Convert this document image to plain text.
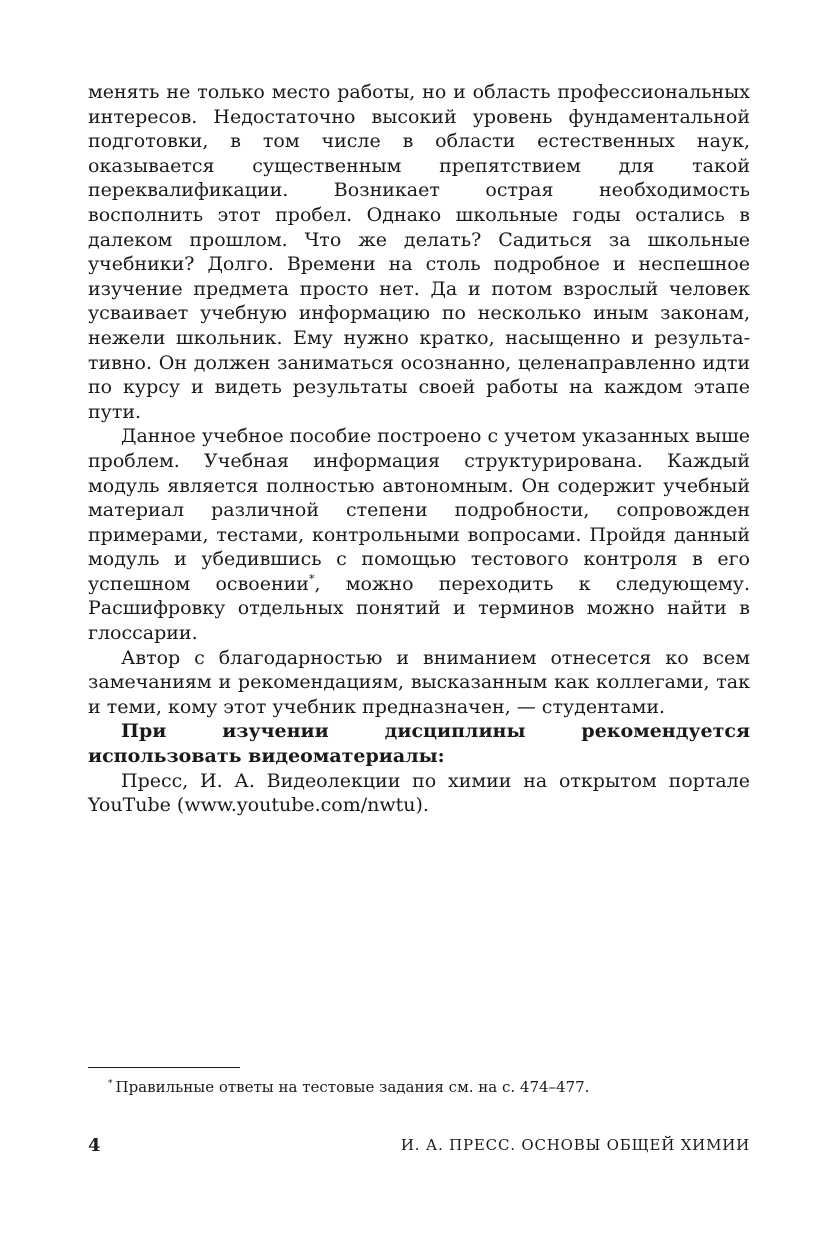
менять не только место работы, но и область профессиональных интересов. Недостаточно высокий уровень фундаментальной подготовки, в том числе в области естественных наук, оказывается существенным препятствием для такой переквалификации. Возникает острая необходимость восполнить этот пробел. Однако школьные годы остались в далеком прошлом. Что же делать? Садиться за школьные учебники? Долго. Времени на столь подробное и неспешное изучение предмета просто нет. Да и потом взрослый человек усваивает учебную информацию по несколько иным законам, нежели школьник. Ему нужно кратко, насыщенно и результативно. Он должен заниматься осознанно, целенаправленно идти по курсу и видеть результаты своей работы на каждом этапе пути.

Данное учебное пособие построено с учетом указанных выше проблем. Учебная информация структурирована. Каждый модуль является полностью автономным. Он содержит учебный материал различной степени подробности, сопровожден примерами, тестами, контрольными вопросами. Пройдя данный модуль и убедившись с помощью тестового контроля в его успешном освоении*, можно переходить к следующему. Расшифровку отдельных понятий и терминов можно найти в глоссарии.

Автор с благодарностью и вниманием отнесется ко всем замечаниям и рекомендациям, высказанным как коллегами, так и теми, кому этот учебник предназначен, — студентами.

При изучении дисциплины рекомендуется использовать видеоматериалы:

Пресс, И. А. Видеолекции по химии на открытом портале YouTube (www.youtube.com/nwtu).

* Правильные ответы на тестовые задания см. на с. 474–477.
4	И. А. ПРЕСС. ОСНОВЫ ОБЩЕЙ ХИМИИ
